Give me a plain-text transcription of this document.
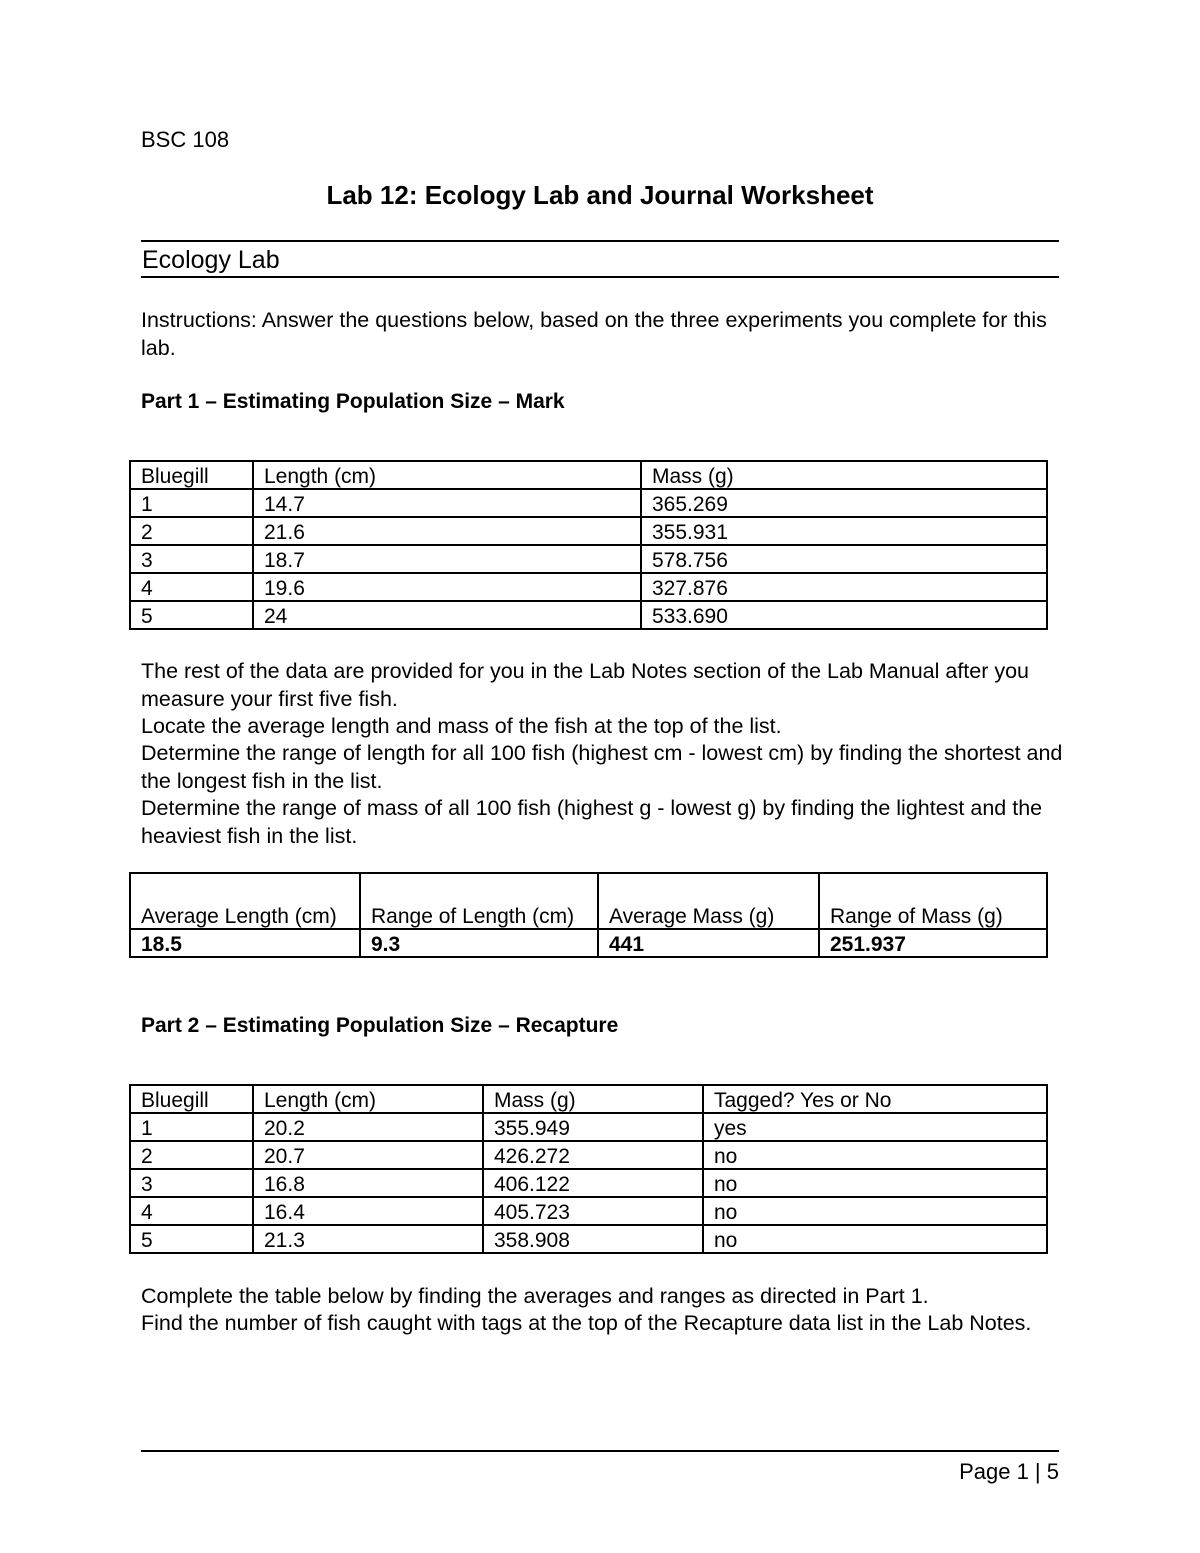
BSC 108
Lab 12: Ecology Lab and Journal Worksheet
Ecology Lab
Instructions: Answer the questions below, based on the three experiments you complete for this lab.
Part 1 – Estimating Population Size – Mark
Bluegill	Length (cm)	Mass (g)
1	14.7	365.269
2	21.6	355.931
3	18.7	578.756
4	19.6	327.876
5	24	533.690
The rest of the data are provided for you in the Lab Notes section of the Lab Manual after you measure your first five fish.
Locate the average length and mass of the fish at the top of the list.
Determine the range of length for all 100 fish (highest cm - lowest cm) by finding the shortest and the longest fish in the list.
Determine the range of mass of all 100 fish (highest g - lowest g) by finding the lightest and the heaviest fish in the list.
Average Length (cm)	Range of Length (cm)	Average Mass (g)	Range of Mass (g)
18.5	9.3	441	251.937
Part 2 – Estimating Population Size – Recapture
Bluegill	Length (cm)	Mass (g)	Tagged? Yes or No
1	20.2	355.949	yes
2	20.7	426.272	no
3	16.8	406.122	no
4	16.4	405.723	no
5	21.3	358.908	no
Complete the table below by finding the averages and ranges as directed in Part 1.
Find the number of fish caught with tags at the top of the Recapture data list in the Lab Notes.
Page 1 | 5
